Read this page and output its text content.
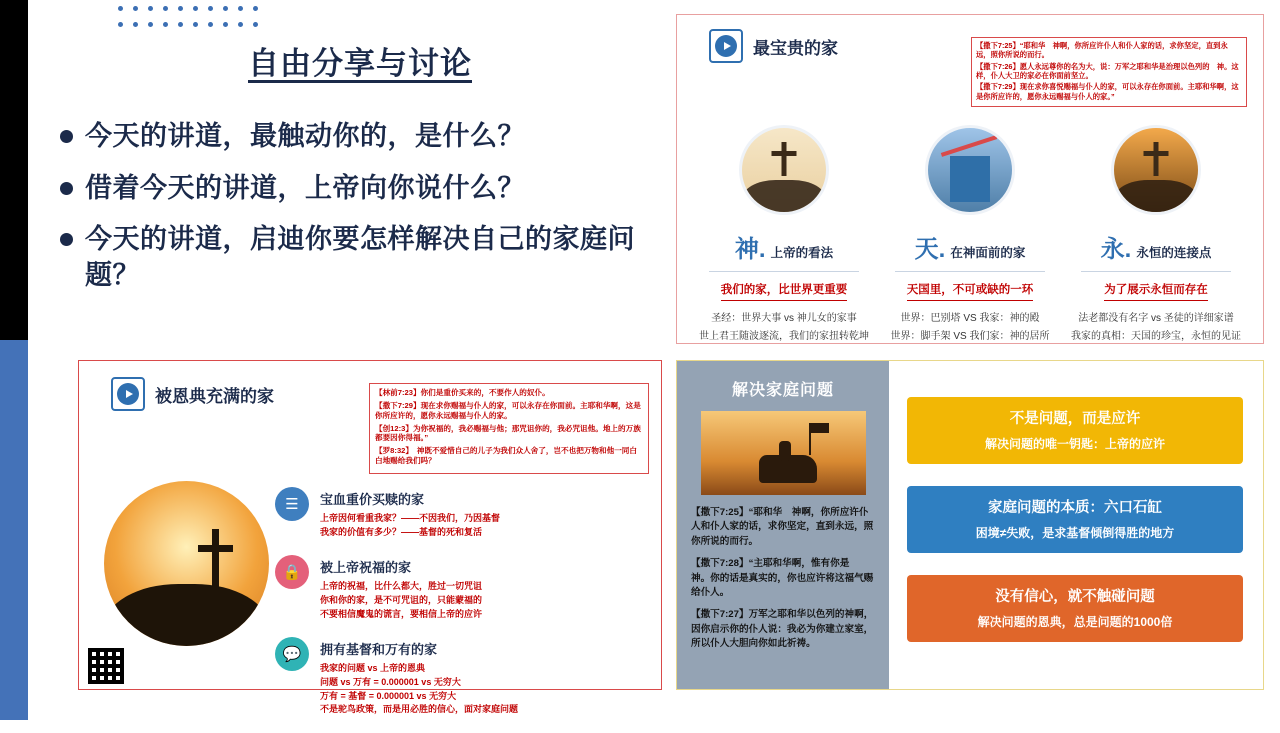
自由分享与讨论
今天的讲道，最触动你的，是什么？
借着今天的讲道，上帝向你说什么？
今天的讲道，启迪你要怎样解决自己的家庭问题？
最宝贵的家	【撒下7:25】“耶和华　神啊，你所应许仆人和仆人家的话，求你坚定，直到永远，照你所说的而行。

【撒下7:26】愿人永远尊你的名为大，说：万军之耶和华是治理以色列的　神。这样，仆人大卫的家必在你面前坚立。

【撒下7:29】现在求你喜悦赐福与仆人的家，可以永存在你面前。主耶和华啊，这是你所应许的，愿你永远赐福与仆人的家。”

神. 上帝的看法
我们的家，比世界更重要
圣经：世界大事 vs 神儿女的家事
世上君王随波逐流，我们的家扭转乾坤
天. 在神面前的家
天国里，不可或缺的一环
世界：巴别塔 VS 我家：神的殿
世界：脚手架 VS 我们家：神的居所
永. 永恒的连接点
为了展示永恒而存在
法老都没有名字 vs 圣徒的详细家谱
我家的真相：天国的珍宝，永恒的见证
被恩典充满的家	【林前7:23】你们是重价买来的，不要作人的奴仆。

【撒下7:29】现在求你赐福与仆人的家，可以永存在你面前。主耶和华啊，这是你所应许的，愿你永远赐福与仆人的家。

【创12:3】为你祝福的，我必赐福与他；那咒诅你的，我必咒诅他。地上的万族都要因你得福。”

【罗8:32】　神既不爱惜自己的儿子为我们众人舍了，岂不也把万物和他一同白白地赐给我们吗？

☰	宝血重价买赎的家
上帝因何看重我家？——不因我们，乃因基督
我家的价值有多少？——基督的死和复活
🔒	被上帝祝福的家
上帝的祝福，比什么都大，胜过一切咒诅
你和你的家，是不可咒诅的，只能蒙福的
不要相信魔鬼的谎言，要相信上帝的应许
💬	拥有基督和万有的家
我家的问题 vs 上帝的恩典
问题 vs 万有 = 0.000001 vs 无穷大
万有 = 基督 = 0.000001 vs 无穷大
不是驼鸟政策，而是用必胜的信心，面对家庭问题
解决家庭问题

【撒下7:25】“耶和华　神啊，你所应许仆人和仆人家的话，求你坚定，直到永远，照你所说的而行。

【撒下7:28】“主耶和华啊，惟有你是　神。你的话是真实的，你也应许将这福气赐给仆人。

【撒下7:27】万军之耶和华以色列的神啊，因你启示你的仆人说：我必为你建立家室，所以仆人大胆向你如此祈祷。

不是问题，而是应许
解决问题的唯一钥匙：上帝的应许
家庭问题的本质：六口石缸
困境≠失败，是求基督倾倒得胜的地方
没有信心，就不触碰问题
解决问题的恩典，总是问题的1000倍
